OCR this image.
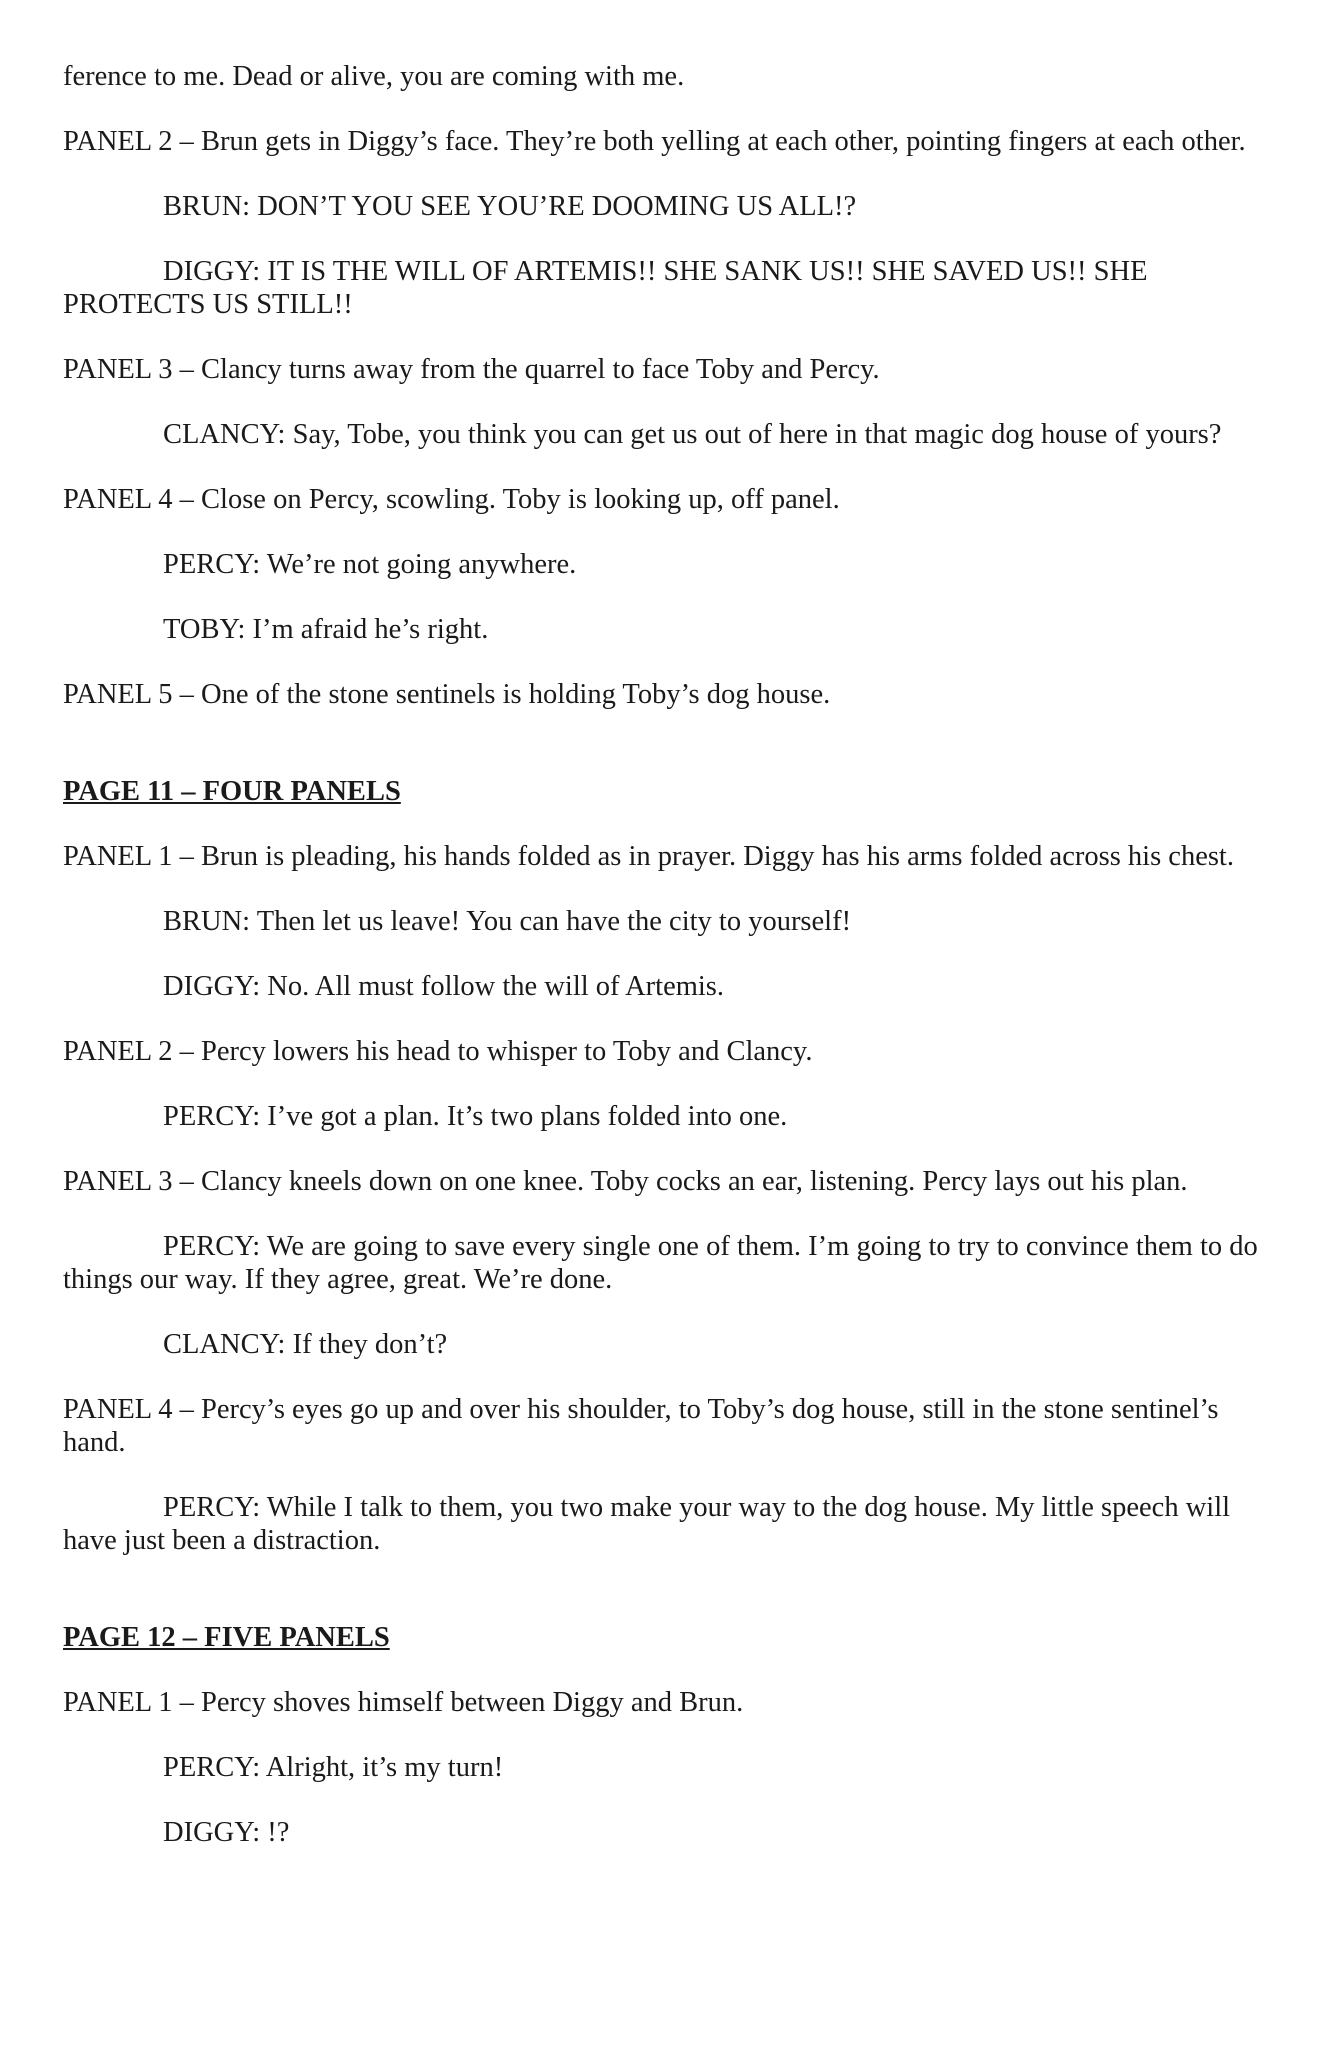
ference to me. Dead or alive, you are coming with me.

PANEL 2 – Brun gets in Diggy’s face. They’re both yelling at each other, pointing fingers at each other.

BRUN: DON’T YOU SEE YOU’RE DOOMING US ALL!?

DIGGY: IT IS THE WILL OF ARTEMIS!! SHE SANK US!! SHE SAVED US!! SHE PROTECTS US STILL!!

PANEL 3 – Clancy turns away from the quarrel to face Toby and Percy.

CLANCY: Say, Tobe, you think you can get us out of here in that magic dog house of yours?

PANEL 4 – Close on Percy, scowling. Toby is looking up, off panel.

PERCY: We’re not going anywhere.

TOBY: I’m afraid he’s right.

PANEL 5 – One of the stone sentinels is holding Toby’s dog house.

PAGE 11 – FOUR PANELS

PANEL 1 – Brun is pleading, his hands folded as in prayer. Diggy has his arms folded across his chest.

BRUN: Then let us leave! You can have the city to yourself!

DIGGY: No. All must follow the will of Artemis.

PANEL 2 – Percy lowers his head to whisper to Toby and Clancy.

PERCY: I’ve got a plan. It’s two plans folded into one.

PANEL 3 – Clancy kneels down on one knee. Toby cocks an ear, listening. Percy lays out his plan.

PERCY: We are going to save every single one of them. I’m going to try to convince them to do things our way. If they agree, great. We’re done.

CLANCY: If they don’t?

PANEL 4 – Percy’s eyes go up and over his shoulder, to Toby’s dog house, still in the stone sentinel’s hand.

PERCY: While I talk to them, you two make your way to the dog house. My little speech will have just been a distraction.

PAGE 12 – FIVE PANELS

PANEL 1 – Percy shoves himself between Diggy and Brun.

PERCY: Alright, it’s my turn!

DIGGY: !?
